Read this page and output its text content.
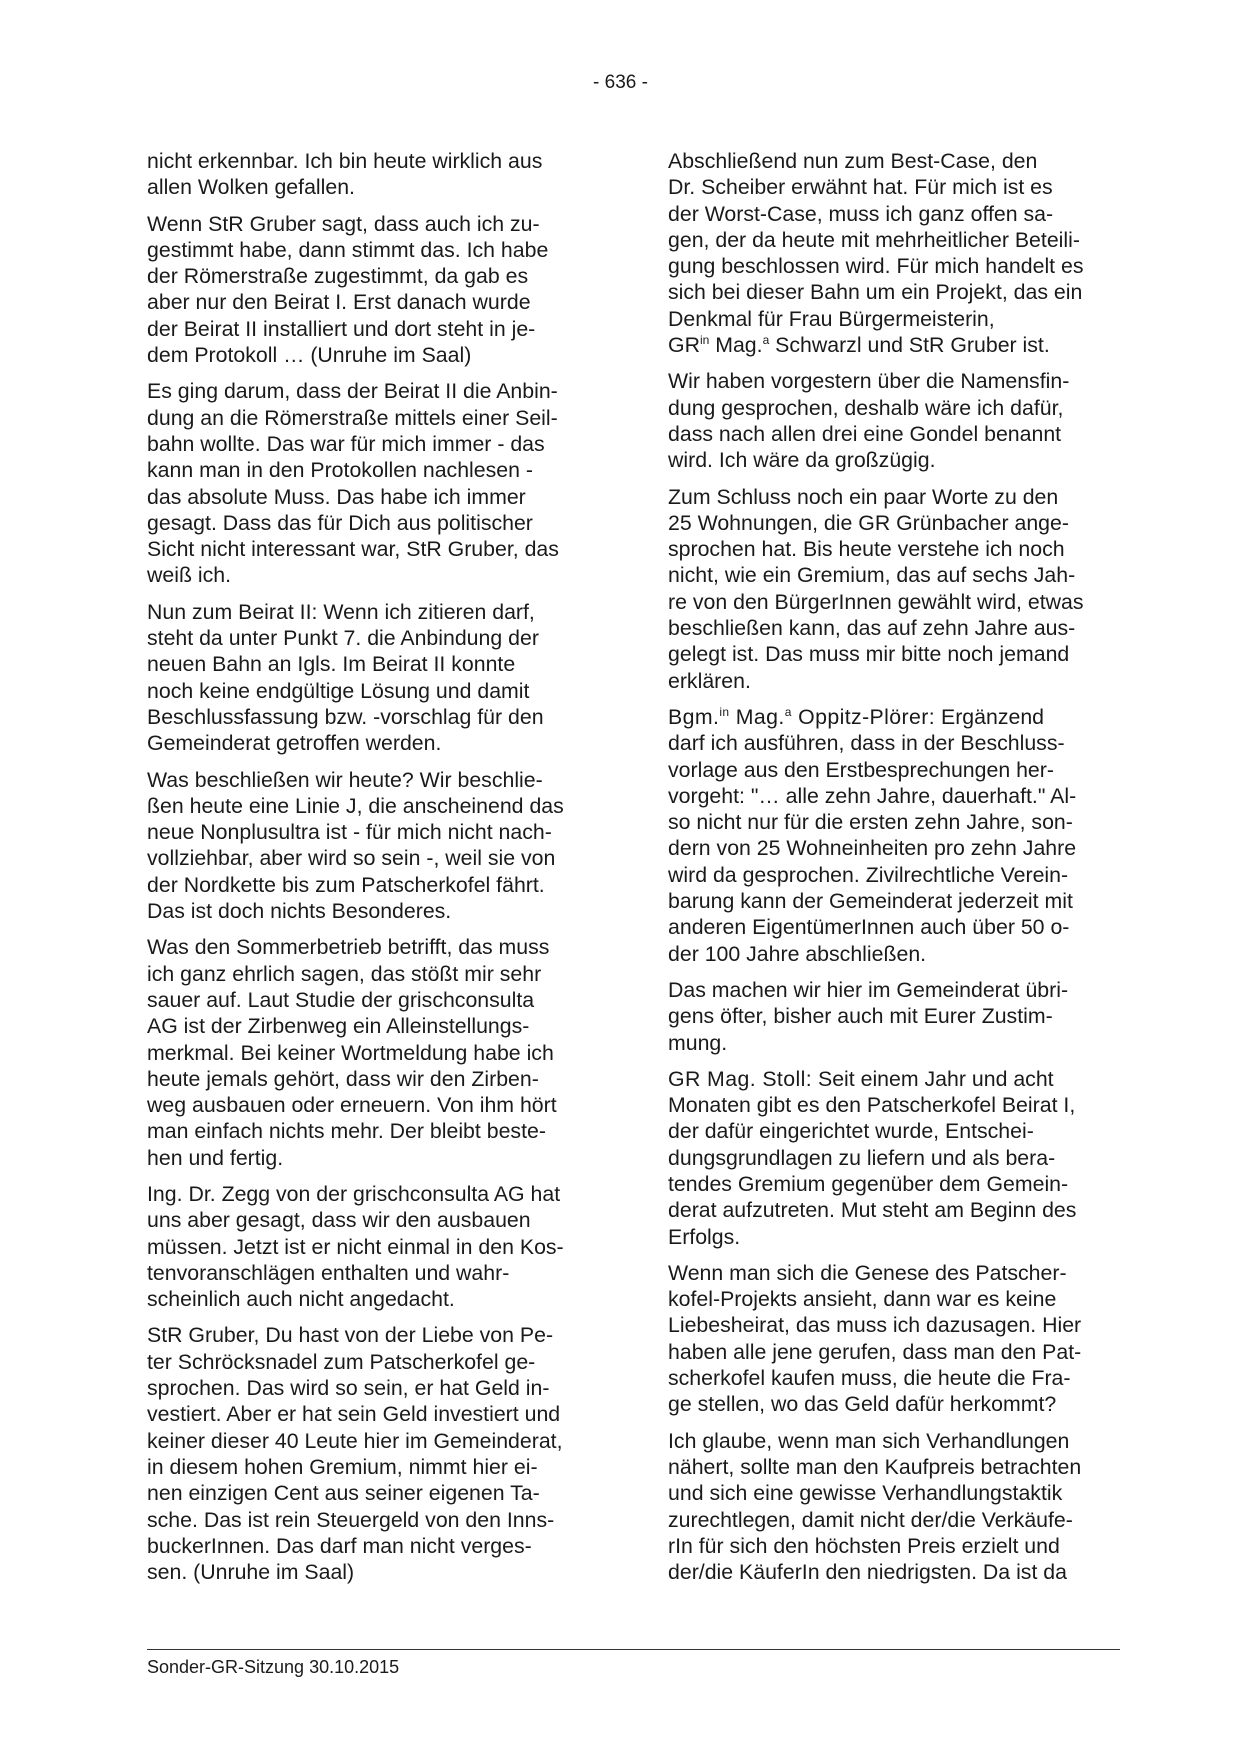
- 636 -

nicht erkennbar. Ich bin heute wirklich aus
allen Wolken gefallen.

Wenn StR Gruber sagt, dass auch ich zu-
gestimmt habe, dann stimmt das. Ich habe
der Römerstraße zugestimmt, da gab es
aber nur den Beirat I. Erst danach wurde
der Beirat II installiert und dort steht in je-
dem Protokoll … (Unruhe im Saal)

Es ging darum, dass der Beirat II die Anbin-
dung an die Römerstraße mittels einer Seil-
bahn wollte. Das war für mich immer - das
kann man in den Protokollen nachlesen -
das absolute Muss. Das habe ich immer
gesagt. Dass das für Dich aus politischer
Sicht nicht interessant war, StR Gruber, das
weiß ich.

Nun zum Beirat II: Wenn ich zitieren darf,
steht da unter Punkt 7. die Anbindung der
neuen Bahn an Igls. Im Beirat II konnte
noch keine endgültige Lösung und damit
Beschlussfassung bzw. -vorschlag für den
Gemeinderat getroffen werden.

Was beschließen wir heute? Wir beschlie-
ßen heute eine Linie J, die anscheinend das
neue Nonplusultra ist - für mich nicht nach-
vollziehbar, aber wird so sein -, weil sie von
der Nordkette bis zum Patscherkofel fährt.
Das ist doch nichts Besonderes.

Was den Sommerbetrieb betrifft, das muss
ich ganz ehrlich sagen, das stößt mir sehr
sauer auf. Laut Studie der grischconsulta
AG ist der Zirbenweg ein Alleinstellungs-
merkmal. Bei keiner Wortmeldung habe ich
heute jemals gehört, dass wir den Zirben-
weg ausbauen oder erneuern. Von ihm hört
man einfach nichts mehr. Der bleibt beste-
hen und fertig.

Ing. Dr. Zegg von der grischconsulta AG hat
uns aber gesagt, dass wir den ausbauen
müssen. Jetzt ist er nicht einmal in den Kos-
tenvoranschlägen enthalten und wahr-
scheinlich auch nicht angedacht.

StR Gruber, Du hast von der Liebe von Pe-
ter Schröcksnadel zum Patscherkofel ge-
sprochen. Das wird so sein, er hat Geld in-
vestiert. Aber er hat sein Geld investiert und
keiner dieser 40 Leute hier im Gemeinderat,
in diesem hohen Gremium, nimmt hier ei-
nen einzigen Cent aus seiner eigenen Ta-
sche. Das ist rein Steuergeld von den Inns-
buckerInnen. Das darf man nicht verges-
sen. (Unruhe im Saal)

Abschließend nun zum Best-Case, den
Dr. Scheiber erwähnt hat. Für mich ist es
der Worst-Case, muss ich ganz offen sa-
gen, der da heute mit mehrheitlicher Beteili-
gung beschlossen wird. Für mich handelt es
sich bei dieser Bahn um ein Projekt, das ein
Denkmal für Frau Bürgermeisterin,
$GR^{in}$ Mag.$^a$ Schwarzl und StR Gruber ist.

Wir haben vorgestern über die Namensfin-
dung gesprochen, deshalb wäre ich dafür,
dass nach allen drei eine Gondel benannt
wird. Ich wäre da großzügig.

Zum Schluss noch ein paar Worte zu den
25 Wohnungen, die GR Grünbacher ange-
sprochen hat. Bis heute verstehe ich noch
nicht, wie ein Gremium, das auf sechs Jah-
re von den BürgerInnen gewählt wird, etwas
beschließen kann, das auf zehn Jahre aus-
gelegt ist. Das muss mir bitte noch jemand
erklären.

Bgm.$^{in}$ Mag.$^a$ Oppitz-Plörer: Ergänzend
darf ich ausführen, dass in der Beschluss-
vorlage aus den Erstbesprechungen her-
vorgeht: "… alle zehn Jahre, dauerhaft." Al-
so nicht nur für die ersten zehn Jahre, son-
dern von 25 Wohneinheiten pro zehn Jahre
wird da gesprochen. Zivilrechtliche Verein-
barung kann der Gemeinderat jederzeit mit
anderen EigentümerInnen auch über 50 o-
der 100 Jahre abschließen.

Das machen wir hier im Gemeinderat übri-
gens öfter, bisher auch mit Eurer Zustim-
mung.

GR Mag. Stoll: Seit einem Jahr und acht
Monaten gibt es den Patscherkofel Beirat I,
der dafür eingerichtet wurde, Entschei-
dungsgrundlagen zu liefern und als bera-
tendes Gremium gegenüber dem Gemein-
derat aufzutreten. Mut steht am Beginn des
Erfolgs.

Wenn man sich die Genese des Patscher-
kofel-Projekts ansieht, dann war es keine
Liebesheirat, das muss ich dazusagen. Hier
haben alle jene gerufen, dass man den Pat-
scherkofel kaufen muss, die heute die Fra-
ge stellen, wo das Geld dafür herkommt?

Ich glaube, wenn man sich Verhandlungen
nähert, sollte man den Kaufpreis betrachten
und sich eine gewisse Verhandlungstaktik
zurechtlegen, damit nicht der/die Verkäufe-
rIn für sich den höchsten Preis erzielt und
der/die KäuferIn den niedrigsten. Da ist da

Sonder-GR-Sitzung 30.10.2015
